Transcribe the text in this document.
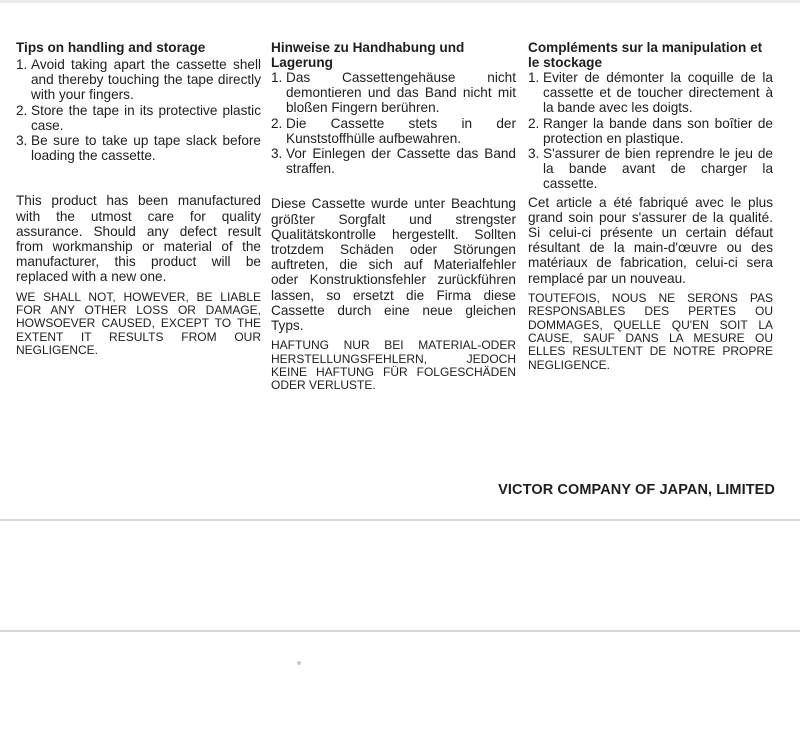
Tips on handling and storage
1. Avoid taking apart the cassette shell and thereby touching the tape directly with your fingers.
2. Store the tape in its protective plastic case.
3. Be sure to take up tape slack before loading the cassette.

This product has been manufactured with the utmost care for quality assurance. Should any defect result from workmanship or material of the manufacturer, this product will be replaced with a new one.

WE SHALL NOT, HOWEVER, BE LIABLE FOR ANY OTHER LOSS OR DAMAGE, HOWSOEVER CAUSED, EXCEPT TO THE EXTENT IT RESULTS FROM OUR NEGLIGENCE.

Hinweise zu Handhabung und Lagerung
1. Das Cassettengehäuse nicht demontieren und das Band nicht mit bloßen Fingern berühren.
2. Die Cassette stets in der Kunststoffhülle aufbewahren.
3. Vor Einlegen der Cassette das Band straffen.

Diese Cassette wurde unter Beachtung größter Sorgfalt und strengster Qualitätskontrolle hergestellt. Sollten trotzdem Schäden oder Störungen auftreten, die sich auf Materialfehler oder Konstruktionsfehler zurückführen lassen, so ersetzt die Firma diese Cassette durch eine neue gleichen Typs.

HAFTUNG NUR BEI MATERIAL-ODER HERSTELLUNGSFEHLERN, JEDOCH KEINE HAFTUNG FÜR FOLGESCHÄDEN ODER VERLUSTE.

Compléments sur la manipulation et le stockage
1. Eviter de démonter la coquille de la cassette et de toucher directement à la bande avec les doigts.
2. Ranger la bande dans son boîtier de protection en plastique.
3. S'assurer de bien reprendre le jeu de la bande avant de charger la cassette.

Cet article a été fabriqué avec le plus grand soin pour s'assurer de la qualité. Si celui-ci présente un certain défaut résultant de la main-d'œuvre ou des matériaux de fabrication, celui-ci sera remplacé par un nouveau.

TOUTEFOIS, NOUS NE SERONS PAS RESPONSABLES DES PERTES OU DOMMAGES, QUELLE QU'EN SOIT LA CAUSE, SAUF DANS LA MESURE OU ELLES RESULTENT DE NOTRE PROPRE NEGLIGENCE.

VICTOR COMPANY OF JAPAN, LIMITED
